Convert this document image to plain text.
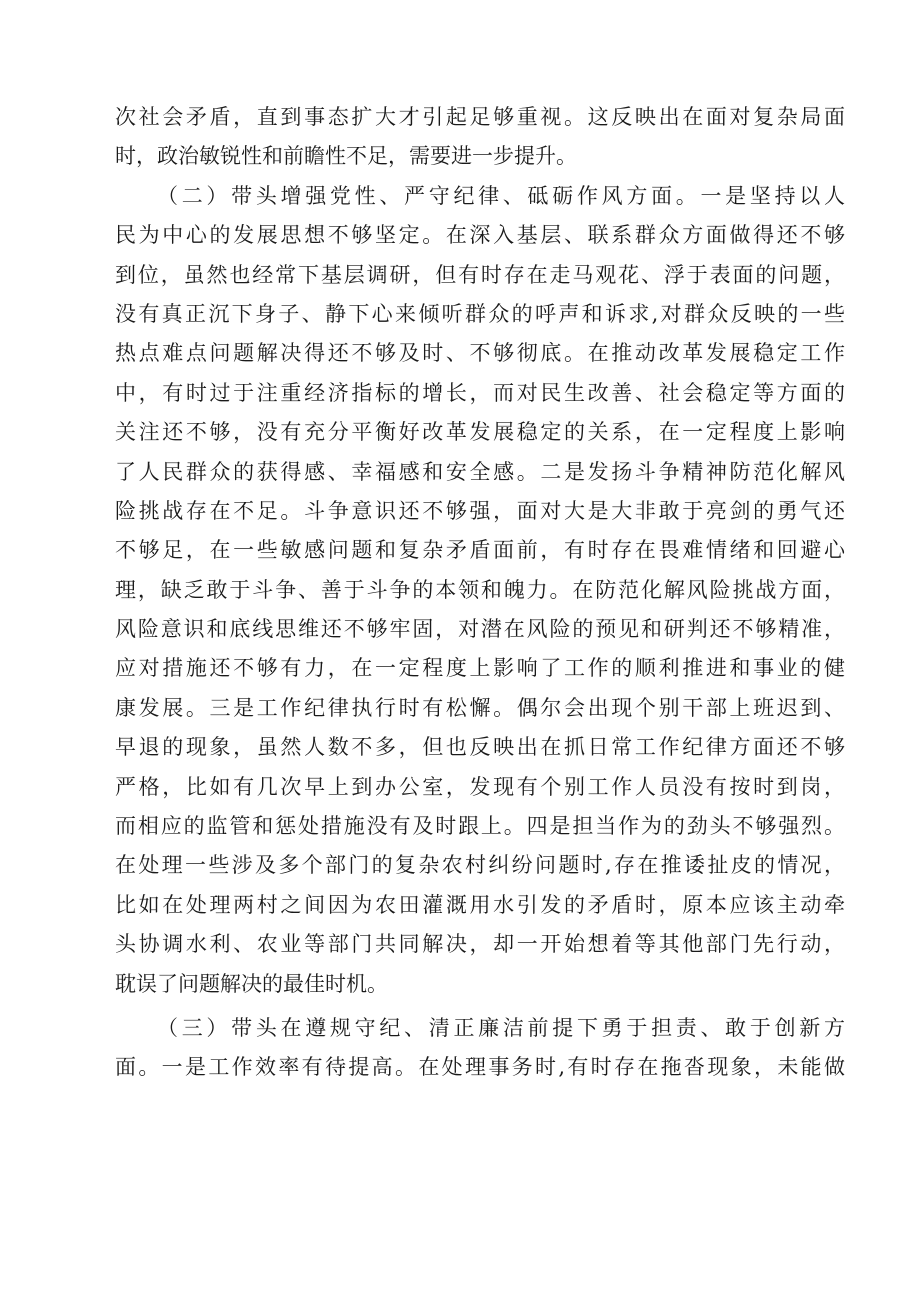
次社会矛盾，直到事态扩大才引起足够重视。这反映出在面对复杂局面
时，政治敏锐性和前瞻性不足，需要进一步提升。
（二）带头增强党性、严守纪律、砥砺作风方面。一是坚持以人
民为中心的发展思想不够坚定。在深入基层、联系群众方面做得还不够
到位，虽然也经常下基层调研，但有时存在走马观花、浮于表面的问题，
没有真正沉下身子、静下心来倾听群众的呼声和诉求,对群众反映的一些
热点难点问题解决得还不够及时、不够彻底。在推动改革发展稳定工作
中，有时过于注重经济指标的增长，而对民生改善、社会稳定等方面的
关注还不够，没有充分平衡好改革发展稳定的关系，在一定程度上影响
了人民群众的获得感、幸福感和安全感。二是发扬斗争精神防范化解风
险挑战存在不足。斗争意识还不够强，面对大是大非敢于亮剑的勇气还
不够足，在一些敏感问题和复杂矛盾面前，有时存在畏难情绪和回避心
理，缺乏敢于斗争、善于斗争的本领和魄力。在防范化解风险挑战方面，
风险意识和底线思维还不够牢固，对潜在风险的预见和研判还不够精准，
应对措施还不够有力，在一定程度上影响了工作的顺利推进和事业的健
康发展。三是工作纪律执行时有松懈。偶尔会出现个别干部上班迟到、
早退的现象，虽然人数不多，但也反映出在抓日常工作纪律方面还不够
严格，比如有几次早上到办公室，发现有个别工作人员没有按时到岗，
而相应的监管和惩处措施没有及时跟上。四是担当作为的劲头不够强烈。
在处理一些涉及多个部门的复杂农村纠纷问题时,存在推诿扯皮的情况，
比如在处理两村之间因为农田灌溉用水引发的矛盾时，原本应该主动牵
头协调水利、农业等部门共同解决，却一开始想着等其他部门先行动，
耽误了问题解决的最佳时机。
（三）带头在遵规守纪、清正廉洁前提下勇于担责、敢于创新方
面。一是工作效率有待提高。在处理事务时,有时存在拖沓现象，未能做
